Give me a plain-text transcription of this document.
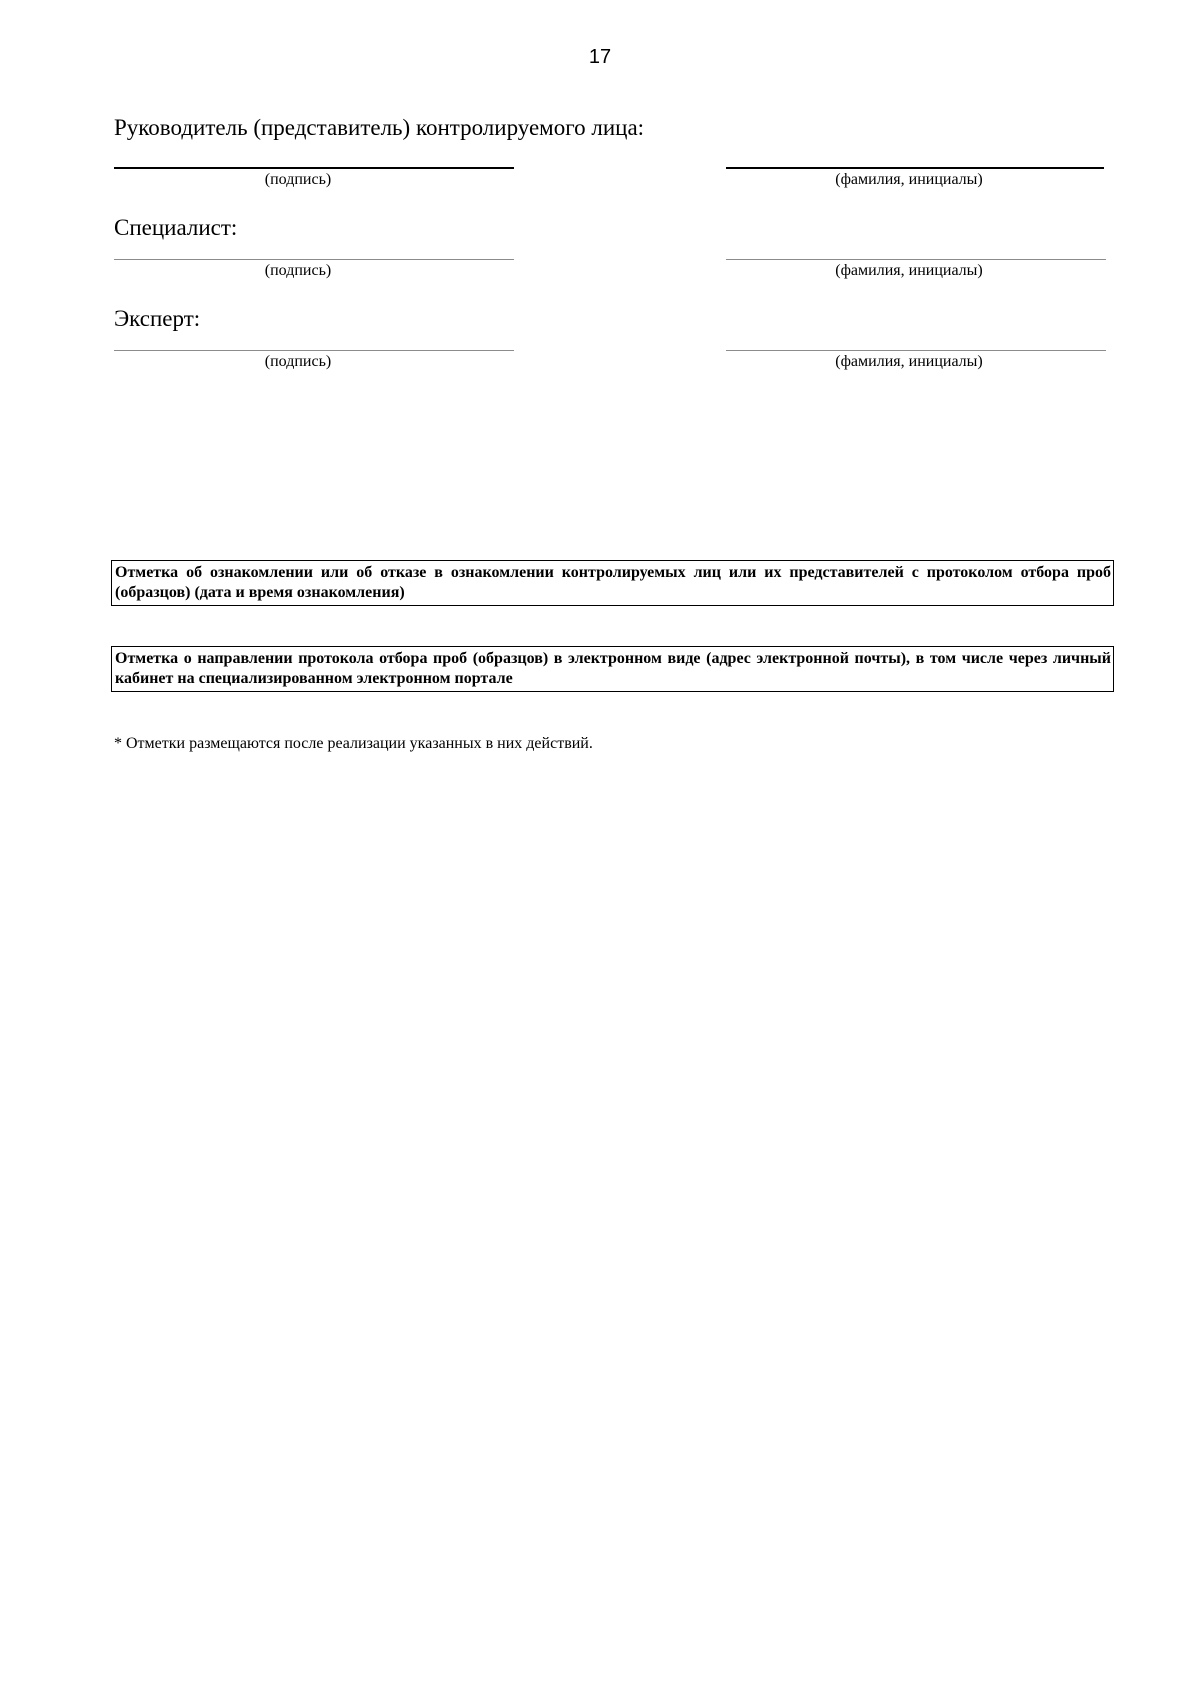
17
Руководитель (представитель) контролируемого лица:
(подпись)	(фамилия, инициалы)
Специалист:
(подпись)	(фамилия, инициалы)
Эксперт:
(подпись)	(фамилия, инициалы)
Отметка об ознакомлении или об отказе в ознакомлении контролируемых лиц или их представителей с протоколом отбора проб (образцов) (дата и время ознакомления)
Отметка о направлении протокола отбора проб (образцов) в электронном виде (адрес электронной почты), в том числе через личный кабинет на специализированном электронном портале
* Отметки размещаются после реализации указанных в них действий.
